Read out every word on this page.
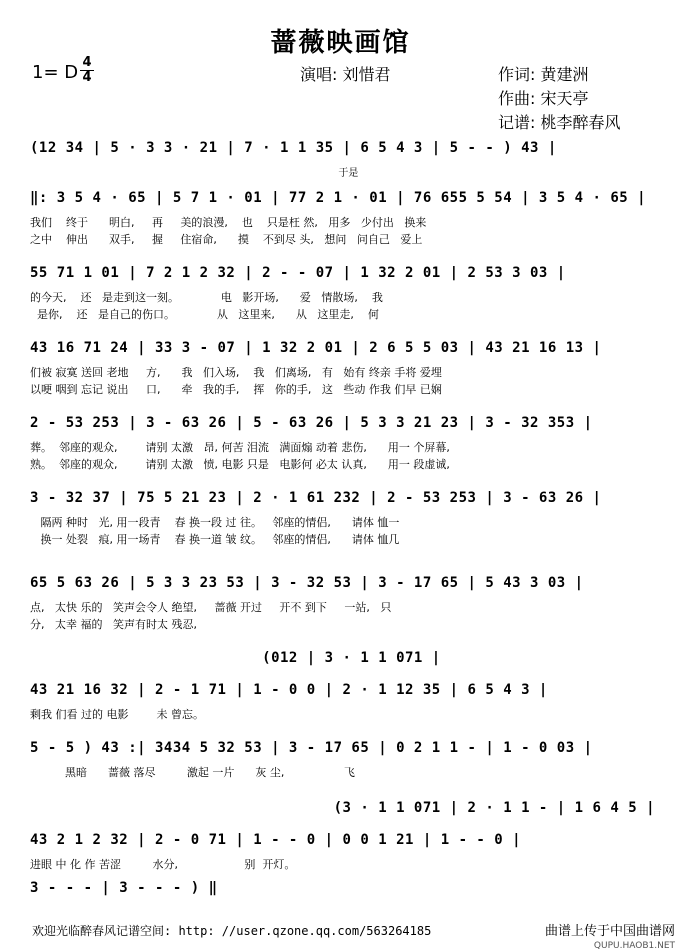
蔷薇映画馆
1= D 4
4	演唱: 刘惜君	作词: 黄建洲
作曲: 宋天亭
记谱: 桃李醉春风
(12 34 | 5 · 3 3 · 21 | 7 · 1 1 35 | 6 5 4 3 | 5 - - ) 43 |
于是
‖: 3 5 4 · 65 | 5 7 1 · 01 | 77 2 1 · 01 | 76 655 5 54 | 3 5 4 · 65 |
我们    终于      明白,     再     美的浪漫,    也    只是枉 然,   用多   少付出   换来
之中    伸出      双手,     握     住宿命,      摸    不到尽 头,   想问   问自己   爱上
55 71 1 01 | 7 2 1 2 32 | 2 - - 07 | 1 32 2 01 | 2 53 3 03 |
的今天,    还   是走到这一刻。            电   影开场,      爱   情散场,    我
是你,    还   是自己的伤口。            从   这里来,      从   这里走,    何
43 16 71 24 | 33 3 - 07 | 1 32 2 01 | 2 6 5 5 03 | 43 21 16 13 |
们被 寂寞 送回 老地     方,      我   们入场,    我   们离场,   有   始有 终亲 手将 爱埋
以哽 咽到 忘记 说出     口,      牵   我的手,    挥   你的手,   这   些动 作我 们早 已娴
2 - 53 253 | 3 - 63 26 | 5 - 63 26 | 5 3 3 21 23 | 3 - 32 353 |
葬。  邻座的观众,        请别 太激   昂, 何苦 泪流   满面煽 动着 悲伤,      用一 个屏幕,
熟。  邻座的观众,        请别 太激   愤, 电影 只是   电影何 必太 认真,      用一 段虚诚,
3 - 32 37 | 75 5 21 23 | 2 · 1 61 232 | 2 - 53 253 | 3 - 63 26 |
隔两 种时   光, 用一段青    春 换一段 过 往。   邻座的情侣,      请体 恤一
换一 处裂   痕, 用一场青    春 换一道 皱 纹。   邻座的情侣,      请体 恤几
65 5 63 26 | 5 3 3 23 53 | 3 - 32 53 | 3 - 17 65 | 5 43 3 03 |
点,   太快 乐的   笑声会令人 绝望,     蔷薇 开过     开不 到下     一站,   只
分,   太幸 福的   笑声有时太 残忍,
(012 | 3 · 1 1 071 |
43 21 16 32 | 2 - 1 71 | 1 - 0 0 | 2 · 1 12 35 | 6 5 4 3 |
剩我 们看 过的 电影        未 曾忘。
5 - 5 ) 43 :| 3434 5 32 53 | 3 - 17 65 | 0 2 1 1 - | 1 - 0 03 |
黑暗      蔷薇 落尽         激起 一片      灰 尘,                 飞
(3 · 1 1 071 | 2 · 1 1 - | 1 6 4 5 |
43 2 1 2 32 | 2 - 0 71 | 1 - - 0 | 0 0 1 21 | 1 - - 0 |
进眼 中 化 作 苦涩         水分,                   别  开灯。
3 - - - | 3 - - - ) ‖
欢迎光临醉春风记谱空间: http: //user.qzone.qq.com/563264185	曲谱上传于中国曲谱网
QUPU.HAOB1.NET
